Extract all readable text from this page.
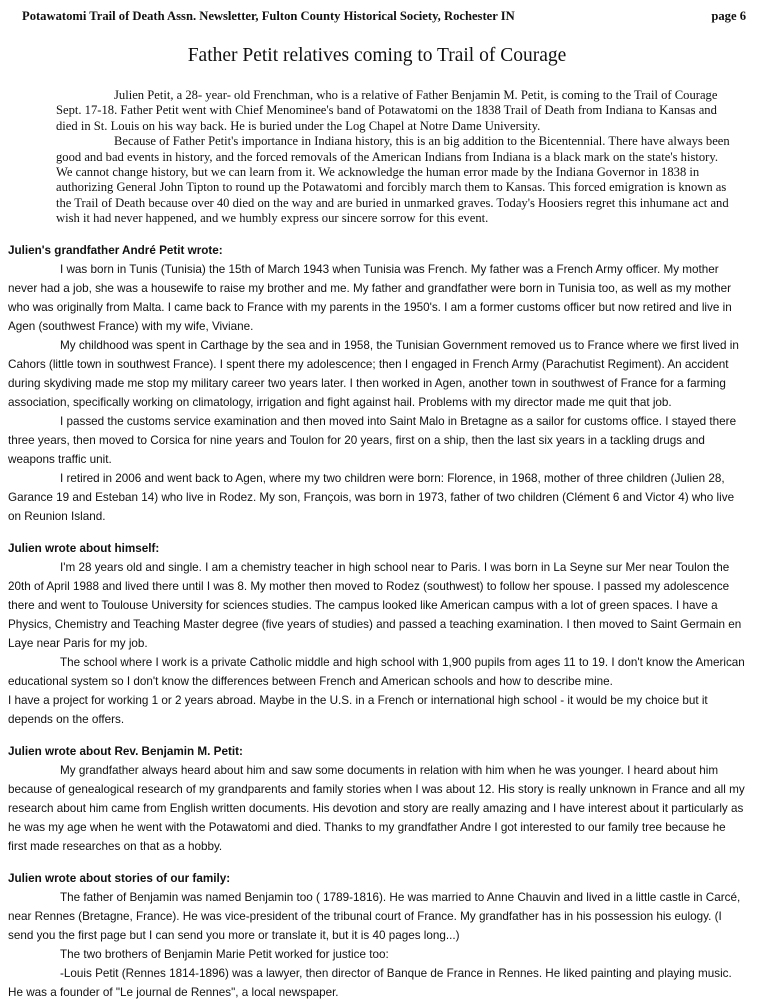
Potawatomi Trail of Death Assn. Newsletter, Fulton County Historical Society, Rochester IN	page 6
Father Petit relatives coming to Trail of Courage

Julien Petit, a 28- year- old Frenchman, who is a relative of Father Benjamin M. Petit, is coming to the Trail of Courage Sept. 17-18. Father Petit went with Chief Menominee's band of Potawatomi on the 1838 Trail of Death from Indiana to Kansas and died in St. Louis on his way back. He is buried under the Log Chapel at Notre Dame University.

Because of Father Petit's importance in Indiana history, this is an big addition to the Bicentennial. There have always been good and bad events in history, and the forced removals of the American Indians from Indiana is a black mark on the state's history. We cannot change history, but we can learn from it. We acknowledge the human error made by the Indiana Governor in 1838 in authorizing General John Tipton to round up the Potawatomi and forcibly march them to Kansas. This forced emigration is known as the Trail of Death because over 40 died on the way and are buried in unmarked graves. Today's Hoosiers regret this inhumane act and wish it had never happened, and we humbly express our sincere sorrow for this event.

Julien's grandfather André Petit wrote:

I was born in Tunis (Tunisia) the 15th of March 1943 when Tunisia was French. My father was a French Army officer. My mother never had a job, she was a housewife to raise my brother and me. My father and grandfather were born in Tunisia too, as well as my mother who was originally from Malta. I came back to France with my parents in the 1950's. I am a former customs officer but now retired and live in Agen (southwest France) with my wife, Viviane.

My childhood was spent in Carthage by the sea and in 1958, the Tunisian Government removed us to France where we first lived in Cahors (little town in southwest France). I spent there my adolescence; then I engaged in French Army (Parachutist Regiment). An accident during skydiving made me stop my military career two years later. I then worked in Agen, another town in southwest of France for a farming association, specifically working on climatology, irrigation and fight against hail. Problems with my director made me quit that job.

I passed the customs service examination and then moved into Saint Malo in Bretagne as a sailor for customs office. I stayed there three years, then moved to Corsica for nine years and Toulon for 20 years, first on a ship, then the last six years in a tackling drugs and weapons traffic unit.

I retired in 2006 and went back to Agen, where my two children were born: Florence, in 1968, mother of three children (Julien 28, Garance 19 and Esteban 14) who live in Rodez. My son, François, was born in 1973, father of two children (Clément 6 and Victor 4) who live on Reunion Island.

Julien wrote about himself:

I'm 28 years old and single. I am a chemistry teacher in high school near to Paris. I was born in La Seyne sur Mer near Toulon the 20th of April 1988 and lived there until I was 8. My mother then moved to Rodez (southwest) to follow her spouse. I passed my adolescence there and went to Toulouse University for sciences studies. The campus looked like American campus with a lot of green spaces. I have a Physics, Chemistry and Teaching Master degree (five years of studies) and passed a teaching examination. I then moved to Saint Germain en Laye near Paris for my job.

The school where I work is a private Catholic middle and high school with 1,900 pupils from ages 11 to 19. I don't know the American educational system so I don't know the differences between French and American schools and how to describe mine.

I have a project for working 1 or 2 years abroad. Maybe in the U.S. in a French or international high school - it would be my choice but it depends on the offers.

Julien wrote about Rev. Benjamin M. Petit:

My grandfather always heard about him and saw some documents in relation with him when he was younger. I heard about him because of genealogical research of my grandparents and family stories when I was about 12. His story is really unknown in France and all my research about him came from English written documents. His devotion and story are really amazing and I have interest about it particularly as he was my age when he went with the Potawatomi and died. Thanks to my grandfather Andre I got interested to our family tree because he first made researches on that as a hobby.

Julien wrote about stories of our family:

The father of Benjamin was named Benjamin too ( 1789-1816). He was married to Anne Chauvin and lived in a little castle in Carcé, near Rennes (Bretagne, France). He was vice-president of the tribunal court of France. My grandfather has in his possession his eulogy. (I send you the first page but I can send you more or translate it, but it is 40 pages long...)

The two brothers of Benjamin Marie Petit worked for justice too:

-Louis Petit (Rennes 1814-1896) was a lawyer, then director of Banque de France in Rennes. He liked painting and playing music. He was a founder of "Le journal de Rennes", a local newspaper.
